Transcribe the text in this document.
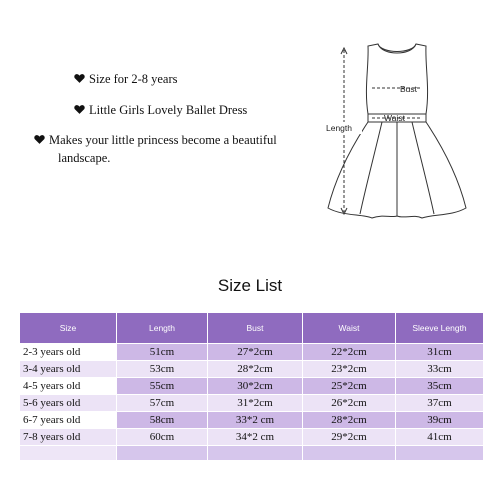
Size for 2-8 years
Little Girls Lovely Ballet Dress
Makes your little princess become a beautiful
landscape.
Bust
Waist
Length
Size List
Size	Length	Bust	Waist	Sleeve Length
2-3 years old	51cm	27*2cm	22*2cm	31cm
3-4 years old	53cm	28*2cm	23*2cm	33cm
4-5 years old	55cm	30*2cm	25*2cm	35cm
5-6 years old	57cm	31*2cm	26*2cm	37cm
6-7 years old	58cm	33*2 cm	28*2cm	39cm
7-8 years old	60cm	34*2 cm	29*2cm	41cm
